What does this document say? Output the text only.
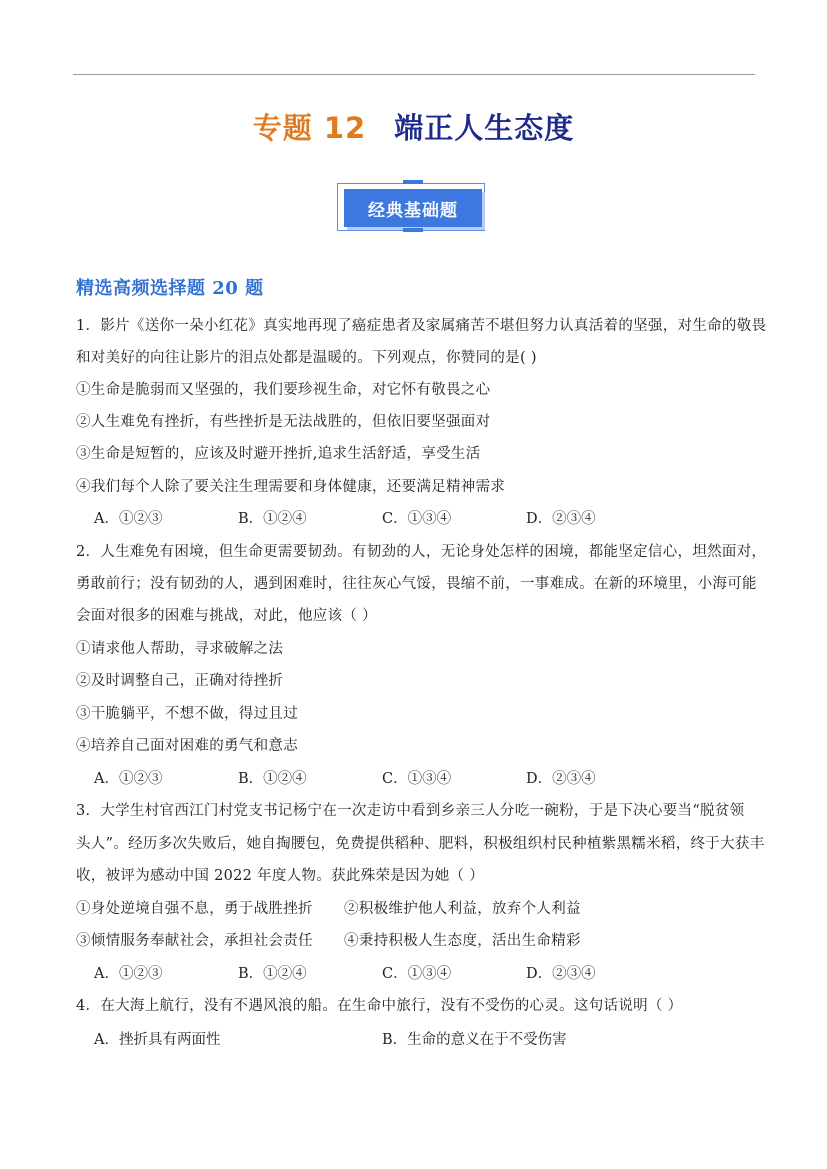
专题 12 端正人生态度
经典基础题
精选高频选择题 20 题
1．影片《送你一朵小红花》真实地再现了癌症患者及家属痛苦不堪但努力认真活着的坚强，对生命的敬畏
和对美好的向往让影片的泪点处都是温暖的。下列观点，你赞同的是( )
①生命是脆弱而又坚强的，我们要珍视生命，对它怀有敬畏之心
②人生难免有挫折，有些挫折是无法战胜的，但依旧要坚强面对
③生命是短暂的，应该及时避开挫折,追求生活舒适，享受生活
④我们每个人除了要关注生理需要和身体健康，还要满足精神需求
A．①②③	B．①②④	C．①③④	D．②③④
2．人生难免有困境，但生命更需要韧劲。有韧劲的人，无论身处怎样的困境，都能坚定信心，坦然面对，
勇敢前行；没有韧劲的人，遇到困难时，往往灰心气馁，畏缩不前，一事难成。在新的环境里，小海可能
会面对很多的困难与挑战，对此，他应该（ ）
①请求他人帮助，寻求破解之法
②及时调整自己，正确对待挫折
③干脆躺平，不想不做，得过且过
④培养自己面对困难的勇气和意志
A．①②③	B．①②④	C．①③④	D．②③④
3．大学生村官西江门村党支书记杨宁在一次走访中看到乡亲三人分吃一碗粉，于是下决心要当“脱贫领
头人”。经历多次失败后，她自掏腰包，免费提供稻种、肥料，积极组织村民种植紫黑糯米稻，终于大获丰
收，被评为感动中国 2022 年度人物。获此殊荣是因为她（ ）
①身处逆境自强不息，勇于战胜挫折	②积极维护他人利益，放弃个人利益
③倾情服务奉献社会，承担社会责任	④秉持积极人生态度，活出生命精彩
A．①②③	B．①②④	C．①③④	D．②③④
4．在大海上航行，没有不遇风浪的船。在生命中旅行，没有不受伤的心灵。这句话说明（ ）
A．挫折具有两面性	B．生命的意义在于不受伤害
